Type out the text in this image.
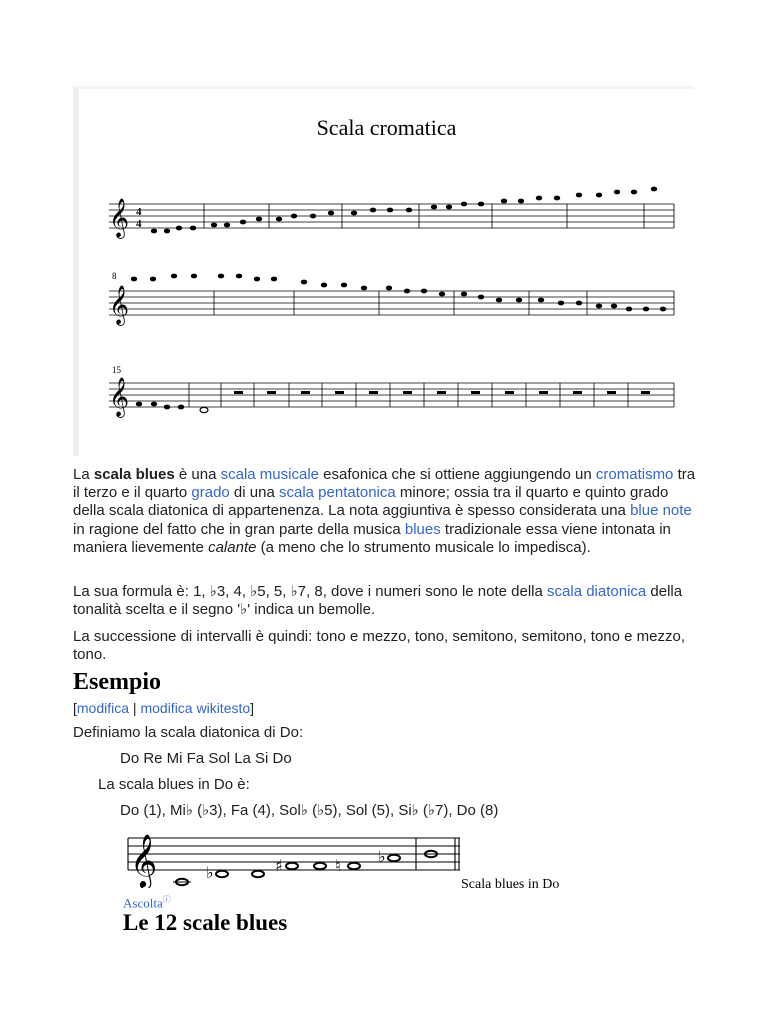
Scala cromatica
𝄞 4
4
8
𝄞
15
𝄞

La scala blues è una scala musicale esafonica che si ottiene aggiungendo un cromatismo tra il terzo e il quarto grado di una scala pentatonica minore; ossia tra il quarto e quinto grado della scala diatonica di appartenenza. La nota aggiuntiva è spesso considerata una blue note in ragione del fatto che in gran parte della musica blues tradizionale essa viene intonata in maniera lievemente calante (a meno che lo strumento musicale lo impedisca).

La sua formula è: 1, ♭3, 4, ♭5, 5, ♭7, 8, dove i numeri sono le note della scala diatonica della tonalità scelta e il segno '♭' indica un bemolle.

La successione di intervalli è quindi: tono e mezzo, tono, semitono, semitono, tono e mezzo, tono.

Esempio
[modifica | modifica wikitesto]
Definiamo la scala diatonica di Do:
Do Re Mi Fa Sol La Si Do
La scala blues in Do è:
Do (1), Mi♭ (♭3), Fa (4), Sol♭ (♭5), Sol (5), Si♭ (♭7), Do (8)
𝄞	♭	♯	♮ ♭
Scala blues in Do
Ascoltaⓘ
Le 12 scale blues
